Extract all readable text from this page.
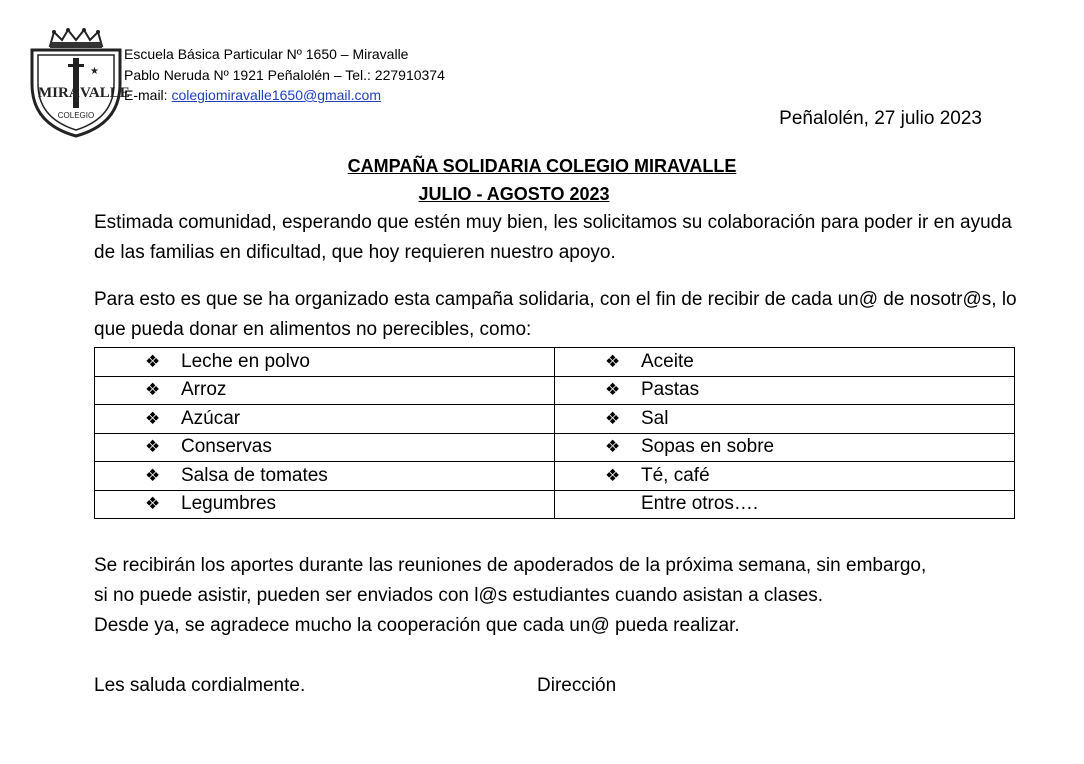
★
MIRA VALLE
COLEGIO
Escuela Básica Particular Nº 1650 – Miravalle
Pablo Neruda Nº 1921 Peñalolén – Tel.: 227910374
E-mail: colegiomiravalle1650@gmail.com
Peñalolén, 27 julio 2023
CAMPAÑA SOLIDARIA COLEGIO MIRAVALLE
JULIO - AGOSTO 2023
Estimada comunidad, esperando que estén muy bien, les solicitamos su colaboración para poder ir en ayuda de las familias en dificultad, que hoy requieren nuestro apoyo.
Para esto es que se ha organizado esta campaña solidaria, con el fin de recibir de cada un@ de nosotr@s, lo que pueda donar en alimentos no perecibles, como:
❖ Leche en polvo	❖ Aceite
❖ Arroz	❖ Pastas
❖ Azúcar	❖ Sal
❖ Conservas	❖ Sopas en sobre
❖ Salsa de tomates	❖ Té, café
❖ Legumbres	Entre otros….
Se recibirán los aportes durante las reuniones de apoderados de la próxima semana, sin embargo,
si no puede asistir, pueden ser enviados con l@s estudiantes cuando asistan a clases.
Desde ya, se agradece mucho la cooperación que cada un@ pueda realizar.
Les saluda cordialmente.	Dirección
